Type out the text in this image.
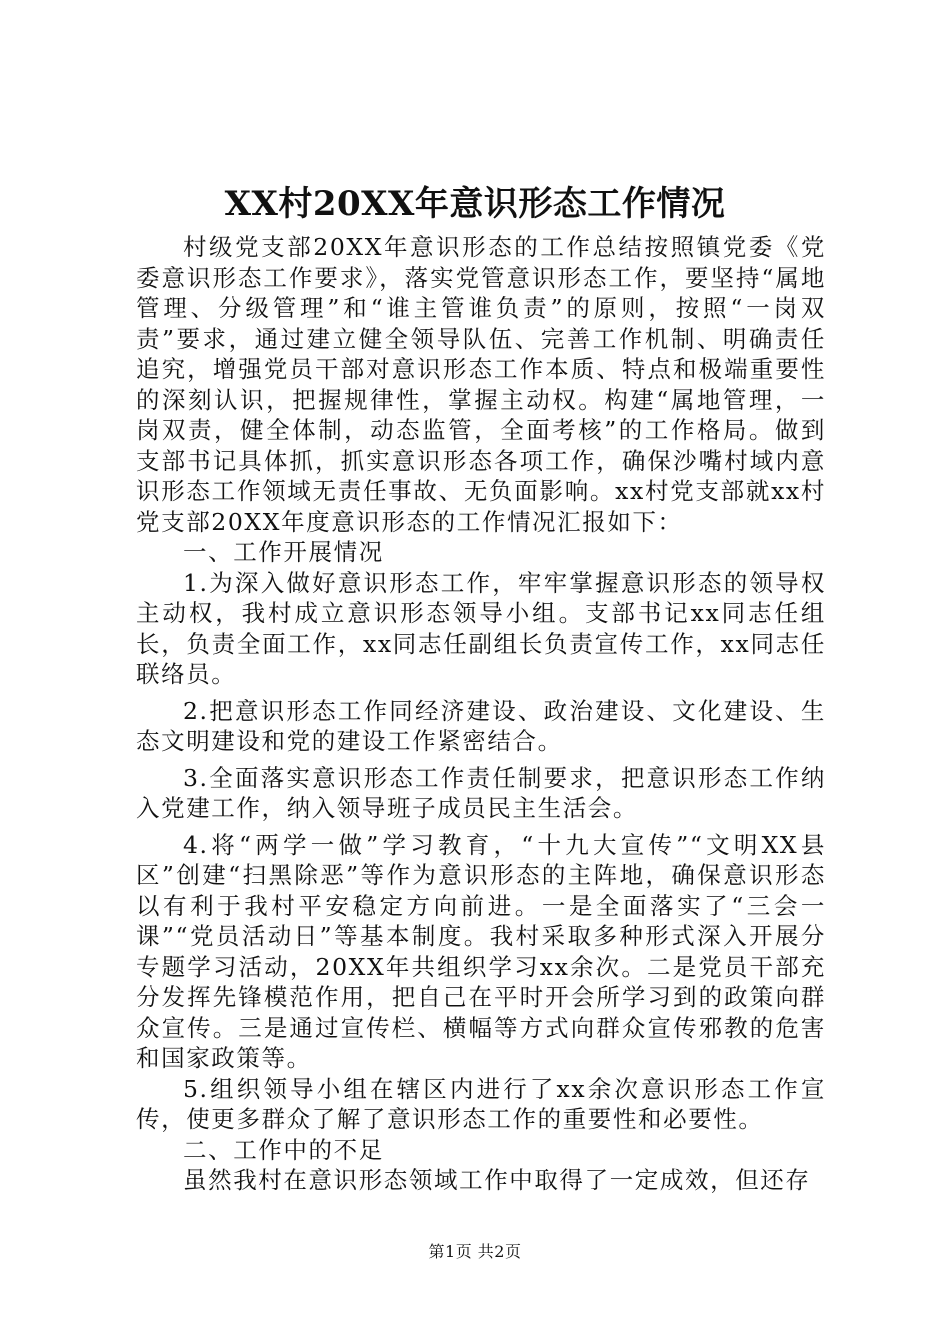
XX村20XX年意识形态工作情况

村级党支部20XX年意识形态的工作总结按照镇党委《党委意识形态工作要求》，落实党管意识形态工作，要坚持“属地管理、分级管理”和“谁主管谁负责”的原则，按照“一岗双责”要求，通过建立健全领导队伍、完善工作机制、明确责任追究，增强党员干部对意识形态工作本质、特点和极端重要性的深刻认识，把握规律性，掌握主动权。构建“属地管理，一岗双责，健全体制，动态监管，全面考核”的工作格局。做到支部书记具体抓，抓实意识形态各项工作，确保沙嘴村域内意识形态工作领域无责任事故、无负面影响。xx村党支部就xx村党支部20XX年度意识形态的工作情况汇报如下：

一、工作开展情况

1.为深入做好意识形态工作，牢牢掌握意识形态的领导权主动权，我村成立意识形态领导小组。支部书记xx同志任组长，负责全面工作，xx同志任副组长负责宣传工作，xx同志任联络员。

2.把意识形态工作同经济建设、政治建设、文化建设、生态文明建设和党的建设工作紧密结合。

3.全面落实意识形态工作责任制要求，把意识形态工作纳入党建工作，纳入领导班子成员民主生活会。

4.将“两学一做”学习教育，“十九大宣传”“文明XX县区”创建“扫黑除恶”等作为意识形态的主阵地，确保意识形态以有利于我村平安稳定方向前进。一是全面落实了“三会一课”“党员活动日”等基本制度。我村采取多种形式深入开展分专题学习活动，20XX年共组织学习xx余次。二是党员干部充分发挥先锋模范作用，把自己在平时开会所学习到的政策向群众宣传。三是通过宣传栏、横幅等方式向群众宣传邪教的危害和国家政策等。

5.组织领导小组在辖区内进行了xx余次意识形态工作宣传，使更多群众了解了意识形态工作的重要性和必要性。

二、工作中的不足

虽然我村在意识形态领域工作中取得了一定成效，但还存

第1页 共2页
